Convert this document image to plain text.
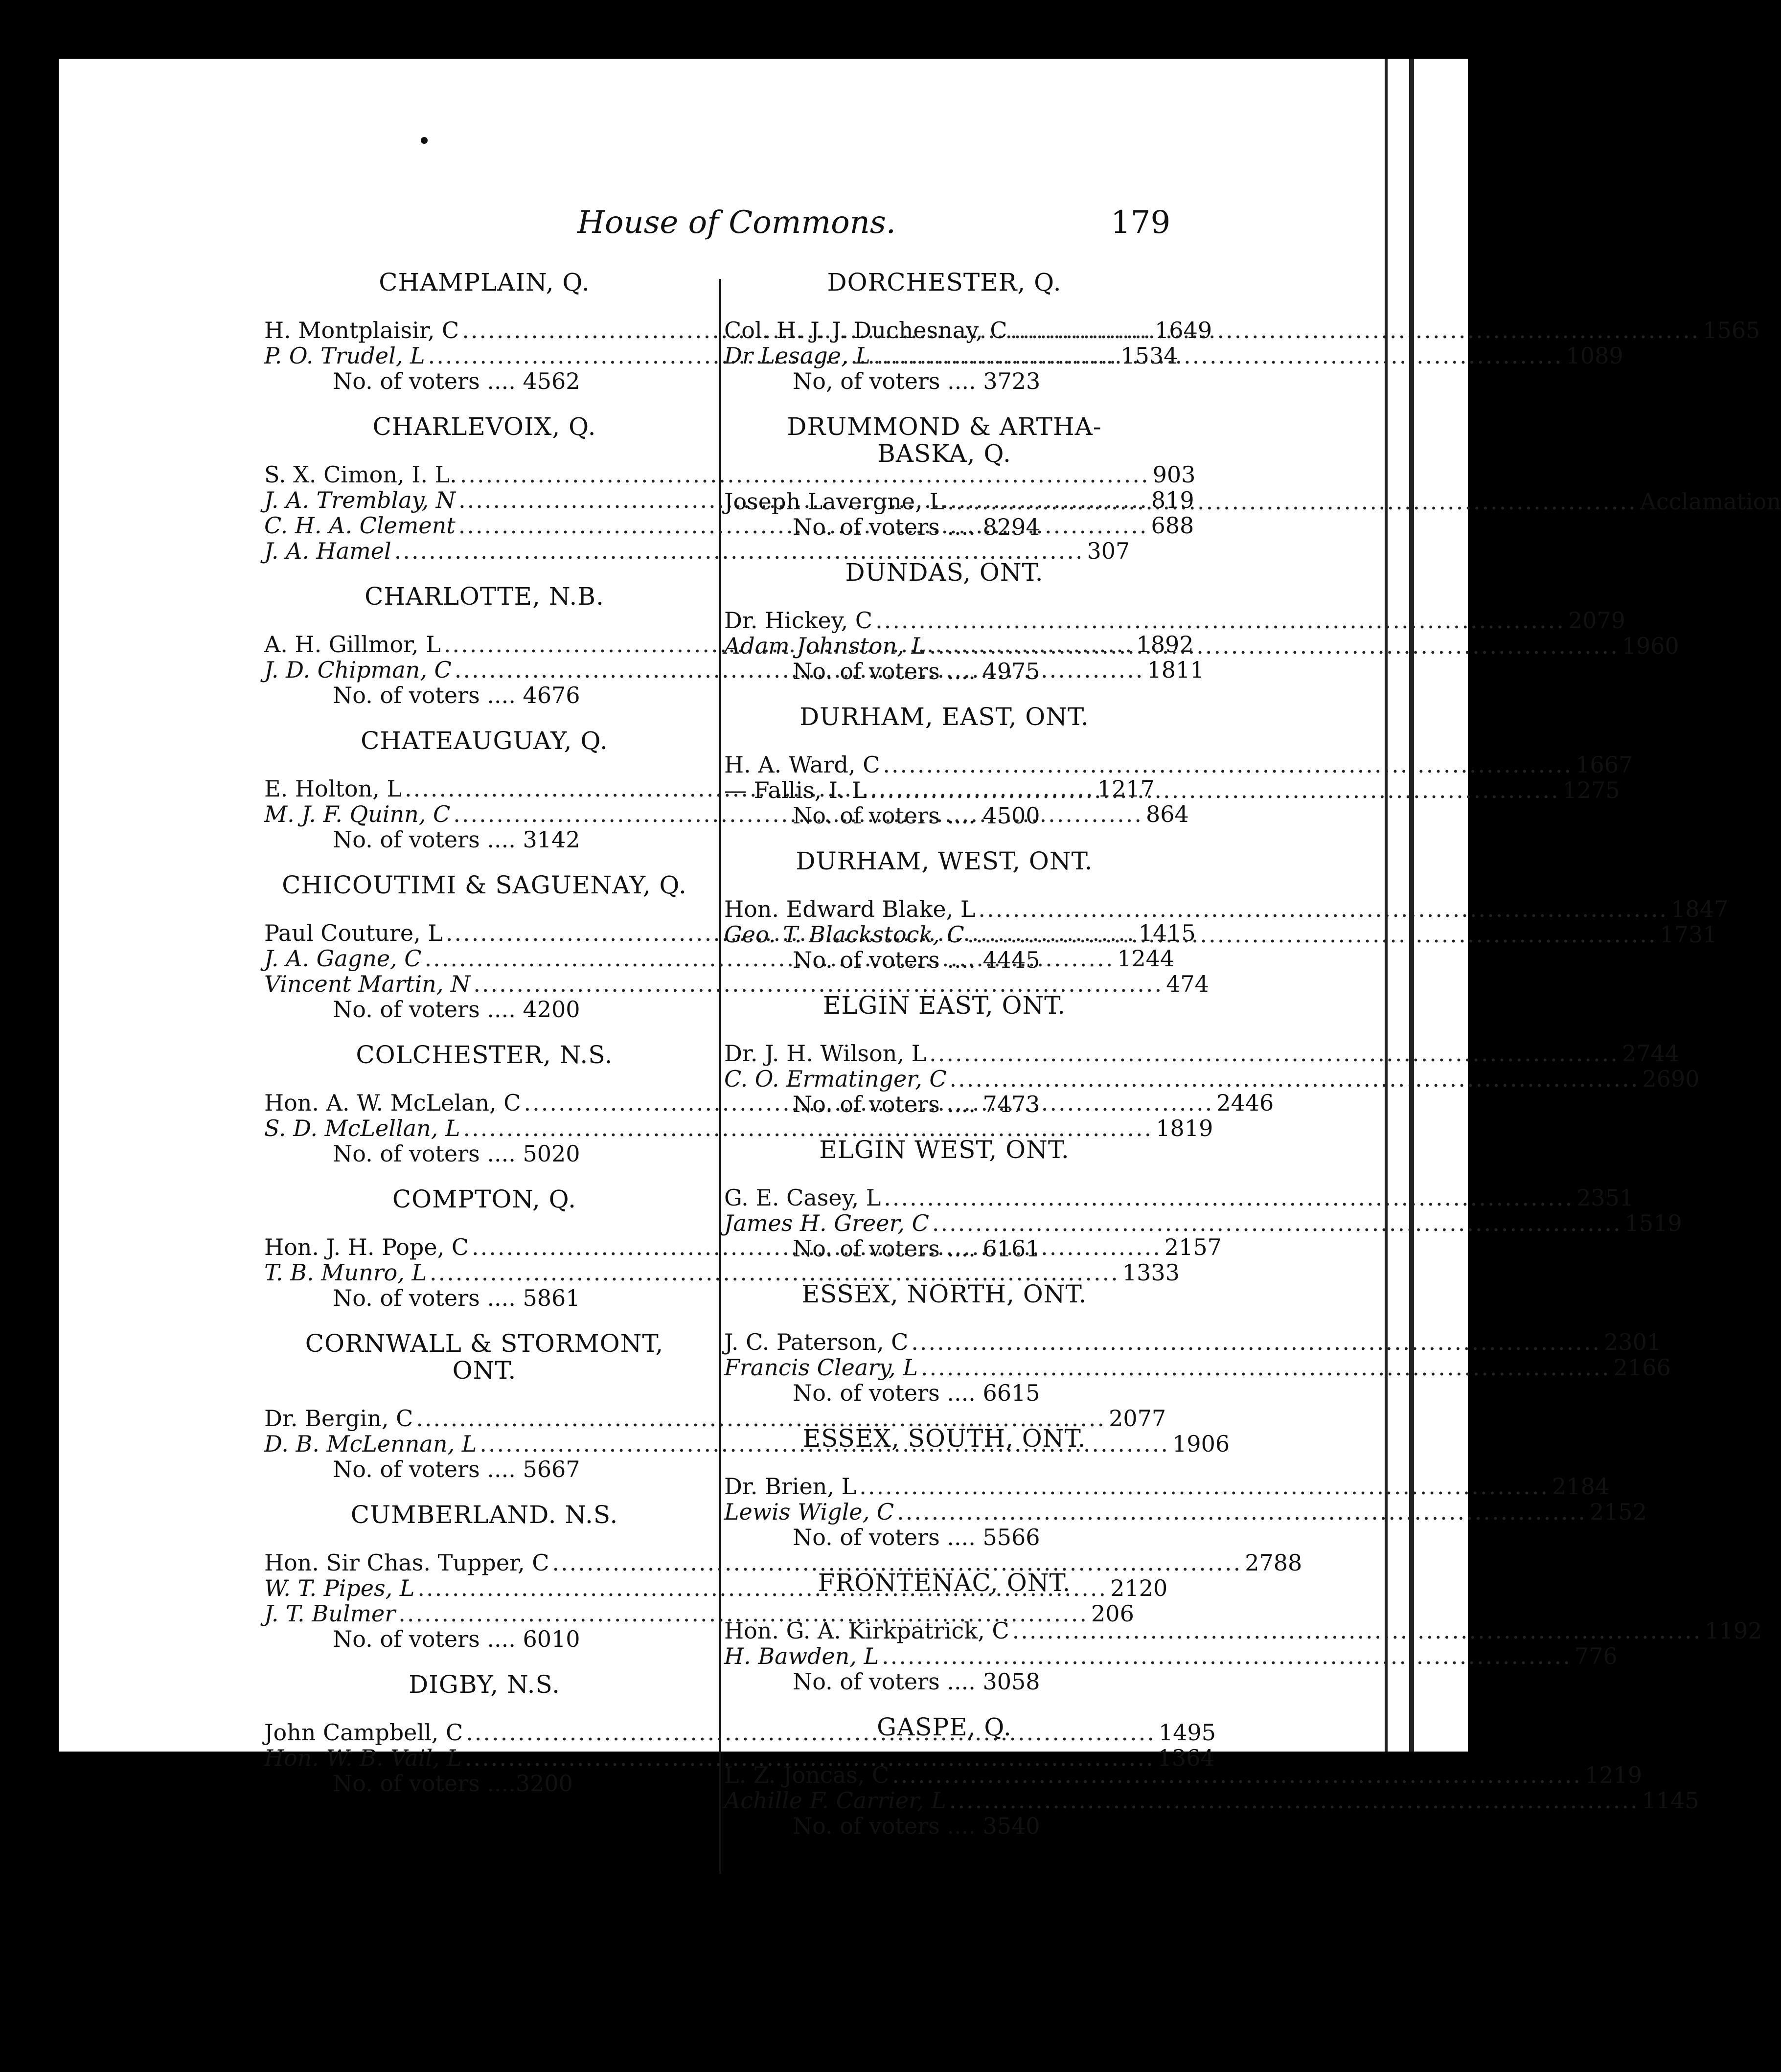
House of Commons.	179
CHAMPLAIN, Q.
H. Montplaisir, C .....	1649
P. O. Trudel, L .....	1534
No. of voters .... 4562
CHARLEVOIX, Q.
S. X. Cimon, I. L. .....	903
J. A. Tremblay, N .....	819
C. H. A. Clement .....	688
J. A. Hamel .....	307
CHARLOTTE, N.B.
A. H. Gillmor, L .....	1892
J. D. Chipman, C .....	1811
No. of voters .... 4676
CHATEAUGUAY, Q.
E. Holton, L .....	1217
M. J. F. Quinn, C .....	864
No. of voters .... 3142
CHICOUTIMI & SAGUENAY, Q.
Paul Couture, L .....	1415
J. A. Gagne, C .....	1244
Vincent Martin, N .....	474
No. of voters .... 4200
COLCHESTER, N.S.
Hon. A. W. McLelan, C .....	2446
S. D. McLellan, L .....	1819
No. of voters .... 5020
COMPTON, Q.
Hon. J. H. Pope, C .....	2157
T. B. Munro, L .....	1333
No. of voters .... 5861
CORNWALL & STORMONT,
ONT.
Dr. Bergin, C .....	2077
D. B. McLennan, L .....	1906
No. of voters .... 5667
CUMBERLAND. N.S.
Hon. Sir Chas. Tupper, C .....	2788
W. T. Pipes, L .....	2120
J. T. Bulmer .....	206
No. of voters .... 6010
DIGBY, N.S.
John Campbell, C .....	1495
Hon. W. B. Vail, L .....	1364
No. of voters ....3200
DORCHESTER, Q.
Col. H. J. J. Duchesnay, C .....	1565
Dr Lesage, L .....	1089
No, of voters .... 3723
DRUMMOND & ARTHA-
BASKA, Q.
Joseph Lavergne, L .....	Acclamation
No. of voters .... 8294
DUNDAS, ONT.
Dr. Hickey, C .....	2079
Adam Johnston, L .....	1960
No. of voters .... 4975
DURHAM, EAST, ONT.
H. A. Ward, C .....	1667
— Fallis, I. L .....	1275
No. of voters .... 4500
DURHAM, WEST, ONT.
Hon. Edward Blake, L .....	1847
Geo. T. Blackstock, C .....	1731
No. of voters .... 4445
ELGIN EAST, ONT.
Dr. J. H. Wilson, L .....	2744
C. O. Ermatinger, C .....	2690
No. of voters .... 7473
ELGIN WEST, ONT.
G. E. Casey, L .....	2351
James H. Greer, C .....	1519
No. of voters .... 6161
ESSEX, NORTH, ONT.
J. C. Paterson, C .....	2301
Francis Cleary, L .....	2166
No. of voters .... 6615
ESSEX, SOUTH, ONT.
Dr. Brien, L .....	2184
Lewis Wigle, C .....	2152
No. of voters .... 5566
FRONTENAC, ONT.
Hon. G. A. Kirkpatrick, C .....	1192
H. Bawden, L .....	776
No. of voters .... 3058
GASPE, Q.
L. Z. Joncas, C .....	1219
Achille F. Carrier, L .....	1145
No. of voters .... 3540
